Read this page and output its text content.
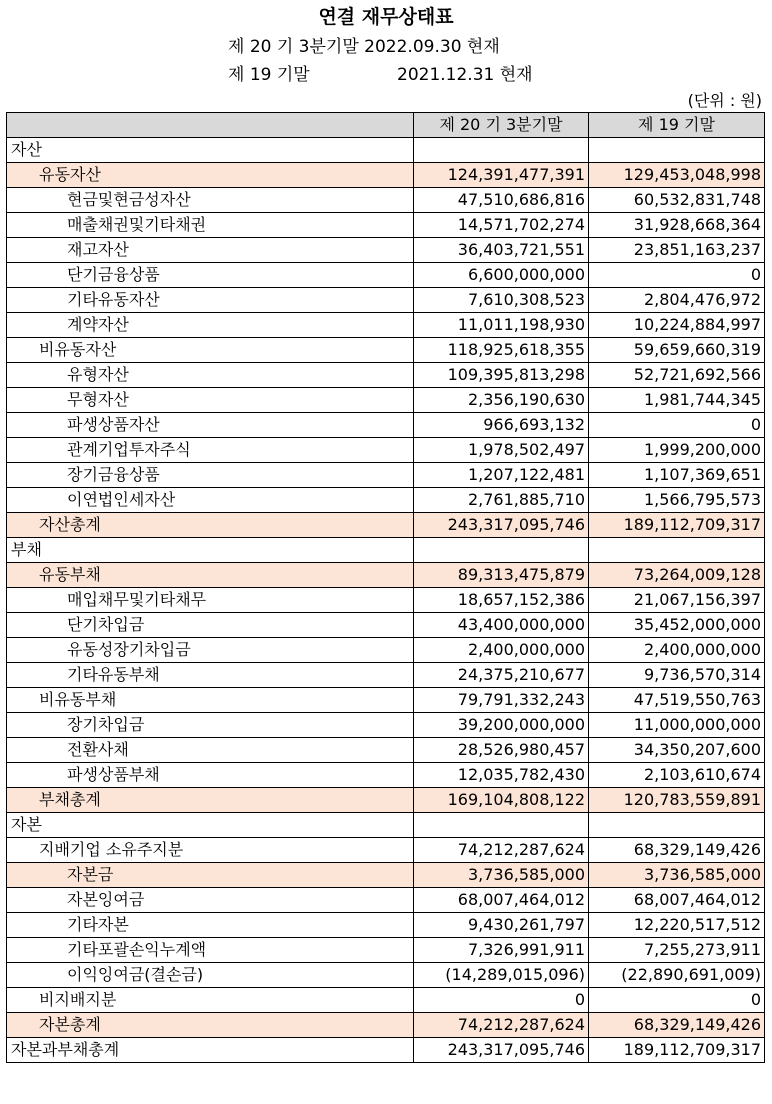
연결 재무상태표
제 20 기 3분기말 2022.09.30 현재
제 19 기말	2021.12.31 현재
(단위 : 원)
	제 20 기 3분기말	제 19 기말
자산		
유동자산	124,391,477,391	129,453,048,998
현금및현금성자산	47,510,686,816	60,532,831,748
매출채권및기타채권	14,571,702,274	31,928,668,364
재고자산	36,403,721,551	23,851,163,237
단기금융상품	6,600,000,000	0
기타유동자산	7,610,308,523	2,804,476,972
계약자산	11,011,198,930	10,224,884,997
비유동자산	118,925,618,355	59,659,660,319
유형자산	109,395,813,298	52,721,692,566
무형자산	2,356,190,630	1,981,744,345
파생상품자산	966,693,132	0
관계기업투자주식	1,978,502,497	1,999,200,000
장기금융상품	1,207,122,481	1,107,369,651
이연법인세자산	2,761,885,710	1,566,795,573
자산총계	243,317,095,746	189,112,709,317
부채		
유동부채	89,313,475,879	73,264,009,128
매입채무및기타채무	18,657,152,386	21,067,156,397
단기차입금	43,400,000,000	35,452,000,000
유동성장기차입금	2,400,000,000	2,400,000,000
기타유동부채	24,375,210,677	9,736,570,314
비유동부채	79,791,332,243	47,519,550,763
장기차입금	39,200,000,000	11,000,000,000
전환사채	28,526,980,457	34,350,207,600
파생상품부채	12,035,782,430	2,103,610,674
부채총계	169,104,808,122	120,783,559,891
자본		
지배기업 소유주지분	74,212,287,624	68,329,149,426
자본금	3,736,585,000	3,736,585,000
자본잉여금	68,007,464,012	68,007,464,012
기타자본	9,430,261,797	12,220,517,512
기타포괄손익누계액	7,326,991,911	7,255,273,911
이익잉여금(결손금)	(14,289,015,096)	(22,890,691,009)
비지배지분	0	0
자본총계	74,212,287,624	68,329,149,426
자본과부채총계	243,317,095,746	189,112,709,317
